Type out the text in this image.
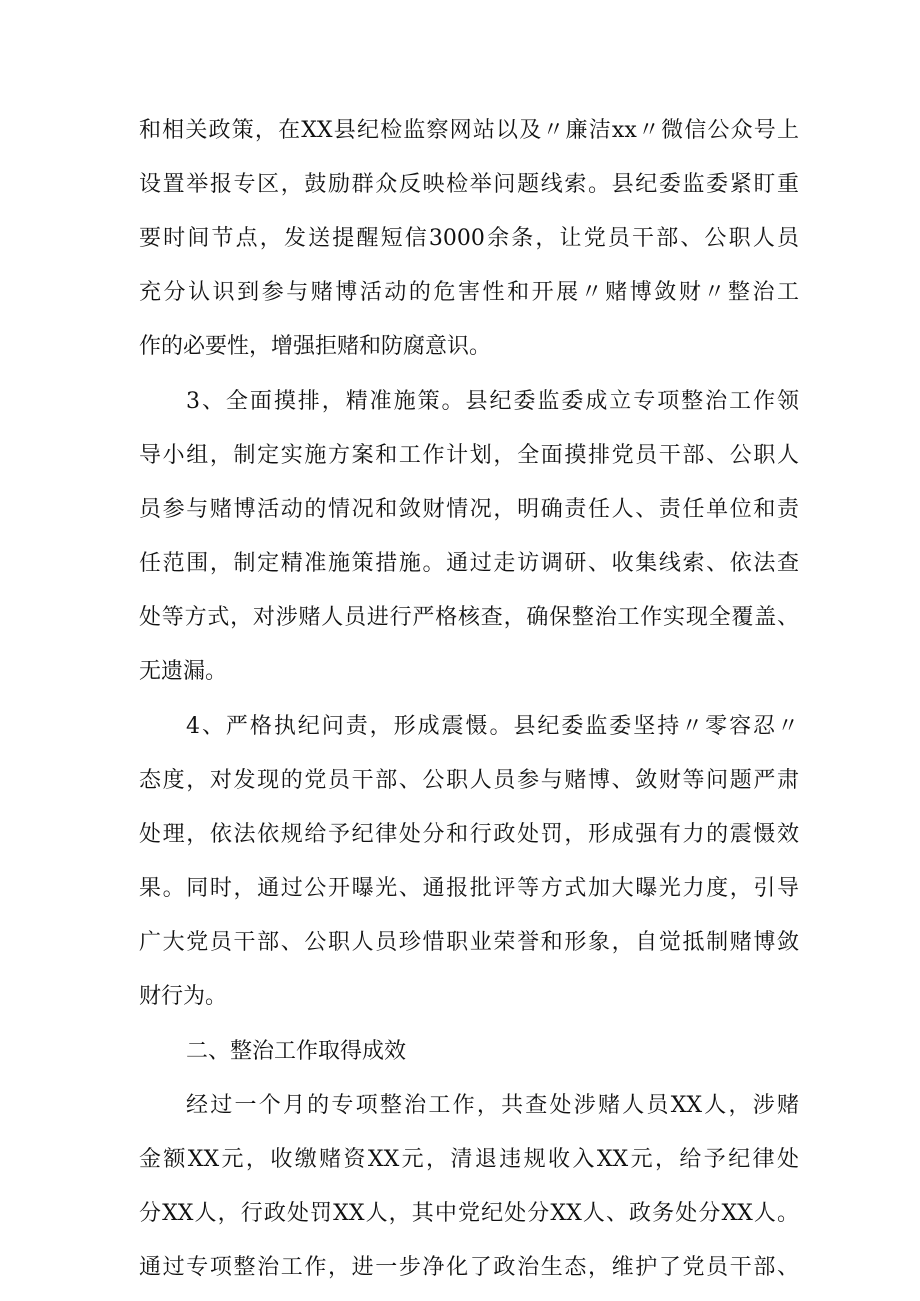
和相关政策，在XX县纪检监察网站以及〃廉洁xx〃微信公众号上
设置举报专区，鼓励群众反映检举问题线索。县纪委监委紧盯重
要时间节点，发送提醒短信3000余条，让党员干部、公职人员
充分认识到参与赌博活动的危害性和开展〃赌博敛财〃整治工
作的必要性，增强拒赌和防腐意识。
3、全面摸排，精准施策。县纪委监委成立专项整治工作领
导小组，制定实施方案和工作计划，全面摸排党员干部、公职人
员参与赌博活动的情况和敛财情况，明确责任人、责任单位和责
任范围，制定精准施策措施。通过走访调研、收集线索、依法查
处等方式，对涉赌人员进行严格核查，确保整治工作实现全覆盖、
无遗漏。
4、严格执纪问责，形成震慑。县纪委监委坚持〃零容忍〃
态度，对发现的党员干部、公职人员参与赌博、敛财等问题严肃
处理，依法依规给予纪律处分和行政处罚，形成强有力的震慑效
果。同时，通过公开曝光、通报批评等方式加大曝光力度，引导
广大党员干部、公职人员珍惜职业荣誉和形象，自觉抵制赌博敛
财行为。
二、整治工作取得成效
经过一个月的专项整治工作，共查处涉赌人员XX人，涉赌
金额XX元，收缴赌资XX元，清退违规收入XX元，给予纪律处
分XX人，行政处罚XX人，其中党纪处分XX人、政务处分XX人。
通过专项整治工作，进一步净化了政治生态，维护了党员干部、
